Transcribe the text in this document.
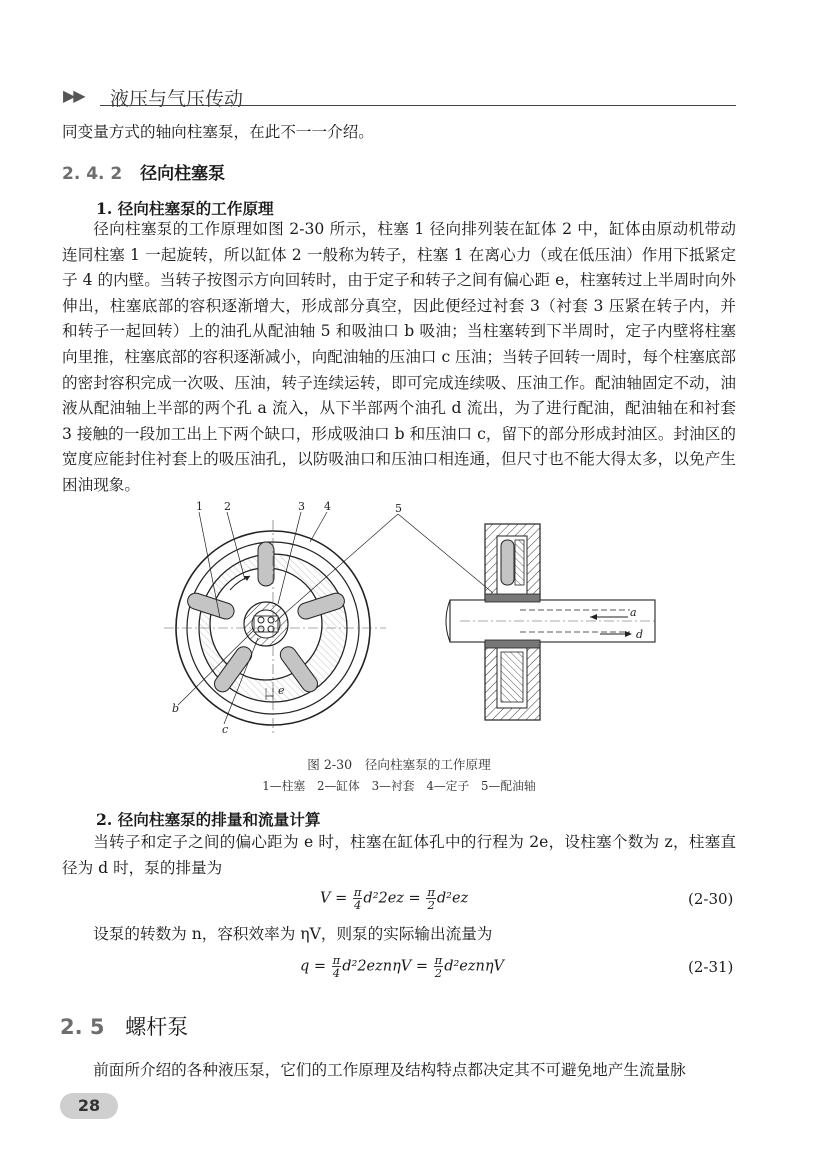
▶▶ 液压与气压传动
同变量方式的轴向柱塞泵，在此不一一介绍。
2. 4. 2 径向柱塞泵
1. 径向柱塞泵的工作原理
径向柱塞泵的工作原理如图 2-30 所示，柱塞 1 径向排列装在缸体 2 中，缸体由原动机带动连同柱塞 1 一起旋转，所以缸体 2 一般称为转子，柱塞 1 在离心力（或在低压油）作用下抵紧定子 4 的内壁。当转子按图示方向回转时，由于定子和转子之间有偏心距 e，柱塞转过上半周时向外伸出，柱塞底部的容积逐渐增大，形成部分真空，因此便经过衬套 3（衬套 3 压紧在转子内，并和转子一起回转）上的油孔从配油轴 5 和吸油口 b 吸油；当柱塞转到下半周时，定子内壁将柱塞向里推，柱塞底部的容积逐渐减小，向配油轴的压油口 c 压油；当转子回转一周时，每个柱塞底部的密封容积完成一次吸、压油，转子连续运转，即可完成连续吸、压油工作。配油轴固定不动，油液从配油轴上半部的两个孔 a 流入，从下半部两个油孔 d 流出，为了进行配油，配油轴在和衬套 3 接触的一段加工出上下两个缺口，形成吸油口 b 和压油口 c，留下的部分形成封油区。封油区的宽度应能封住衬套上的吸压油孔，以防吸油口和压油口相连通，但尺寸也不能大得太多，以免产生困油现象。
1 2	3 4	5
a
b
c
d
e
图 2-30　径向柱塞泵的工作原理
1—柱塞　2—缸体　3—衬套　4—定子　5—配油轴
2. 径向柱塞泵的排量和流量计算
当转子和定子之间的偏心距为 e 时，柱塞在缸体孔中的行程为 2e，设柱塞个数为 z，柱塞直径为 d 时，泵的排量为
$V = \frac{\pi}{4} d^22ez = \frac{\pi}{2} d^2ez$	(2-30)
设泵的转数为 n，容积效率为 ηV，则泵的实际输出流量为
$q = \frac{\pi}{4} d^22ezn\eta V = \frac{\pi}{2} d^2ezn\eta V$	(2-31)
2. 5 螺杆泵
前面所介绍的各种液压泵，它们的工作原理及结构特点都决定其不可避免地产生流量脉
28
